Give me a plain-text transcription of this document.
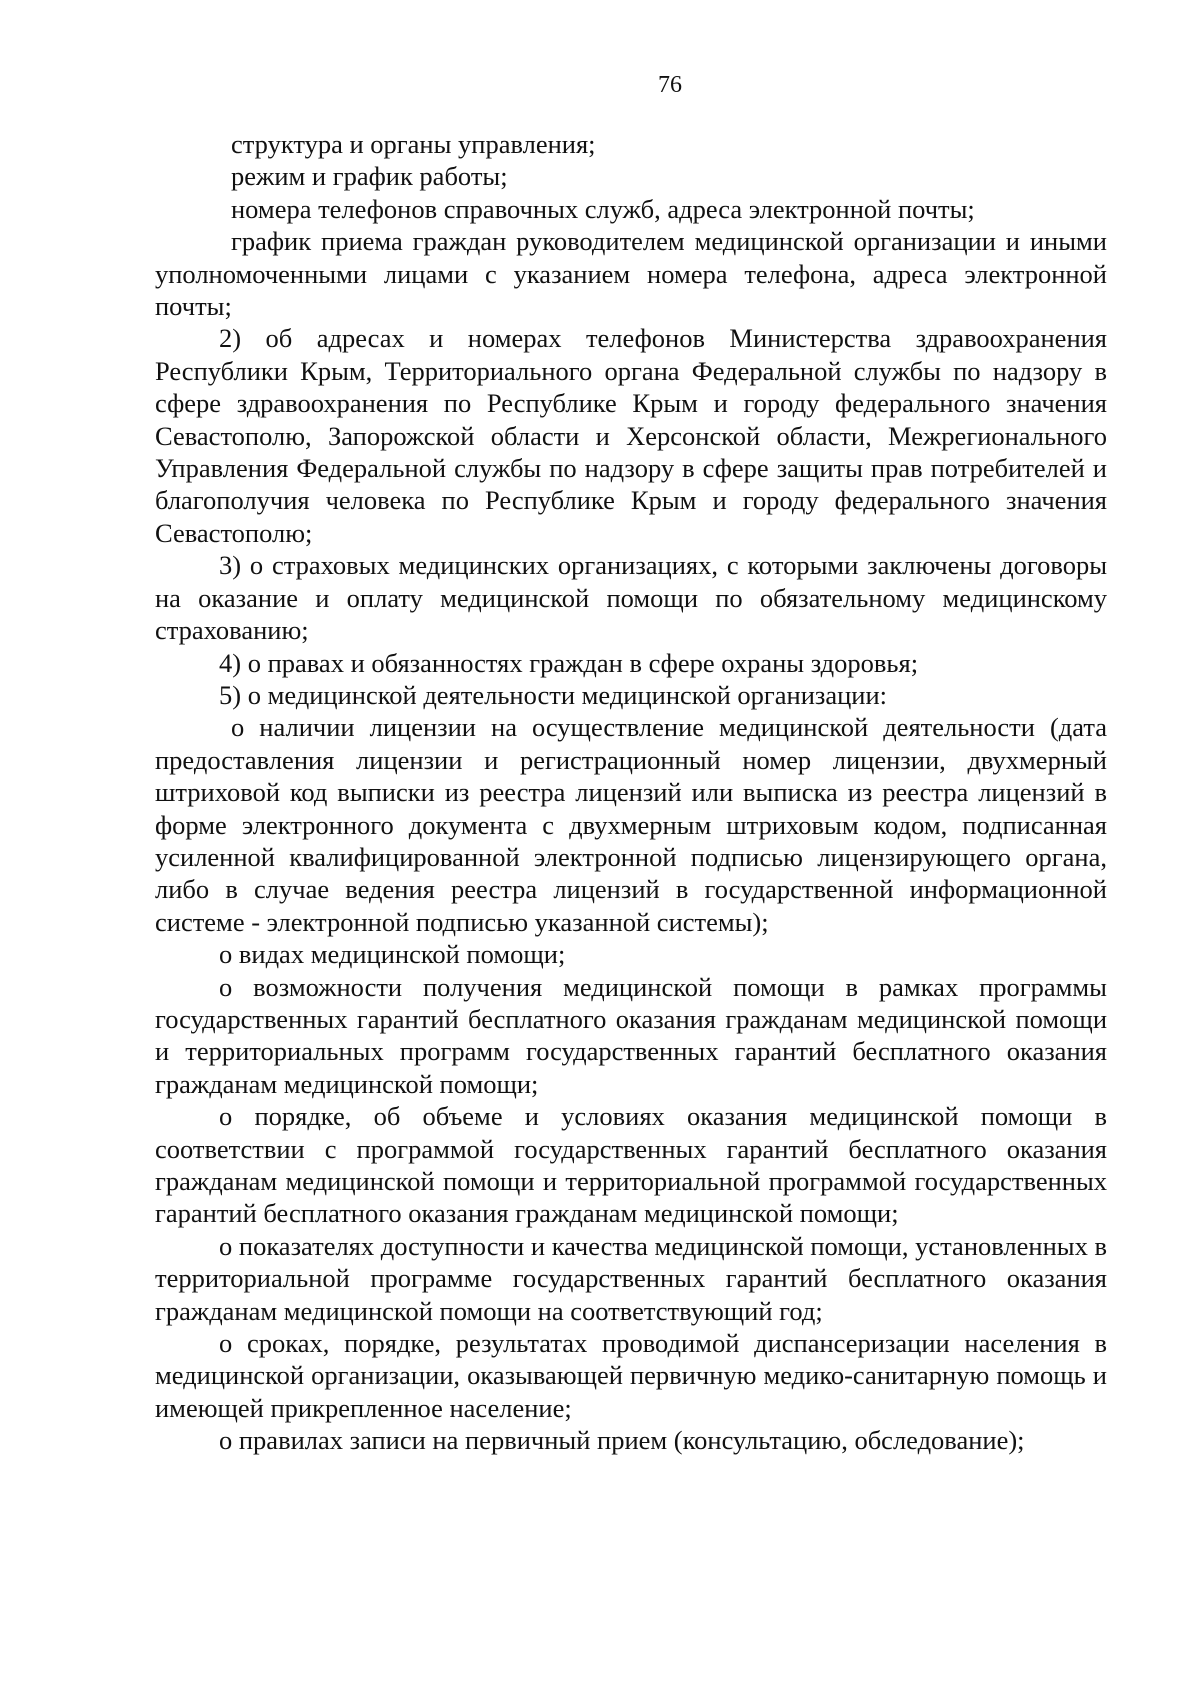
76

структура и органы управления;

режим и график работы;

номера телефонов справочных служб, адреса электронной почты;

график приема граждан руководителем медицинской организации и иными уполномоченными лицами с указанием номера телефона, адреса электронной почты;

2) об адресах и номерах телефонов Министерства здравоохранения Республики Крым, Территориального органа Федеральной службы по надзору в сфере здравоохранения по Республике Крым и городу федерального значения Севастополю, Запорожской области и Херсонской области, Межрегионального Управления Федеральной службы по надзору в сфере защиты прав потребителей и благополучия человека по Республике Крым и городу федерального значения Севастополю;

3) о страховых медицинских организациях, с которыми заключены договоры на оказание и оплату медицинской помощи по обязательному медицинскому страхованию;

4) о правах и обязанностях граждан в сфере охраны здоровья;

5) о медицинской деятельности медицинской организации:

о наличии лицензии на осуществление медицинской деятельности (дата предоставления лицензии и регистрационный номер лицензии, двухмерный штриховой код выписки из реестра лицензий или выписка из реестра лицензий в форме электронного документа с двухмерным штриховым кодом, подписанная усиленной квалифицированной электронной подписью лицензирующего органа, либо в случае ведения реестра лицензий в государственной информационной системе - электронной подписью указанной системы);

о видах медицинской помощи;

о возможности получения медицинской помощи в рамках программы государственных гарантий бесплатного оказания гражданам медицинской помощи и территориальных программ государственных гарантий бесплатного оказания гражданам медицинской помощи;

о порядке, об объеме и условиях оказания медицинской помощи в соответствии с программой государственных гарантий бесплатного оказания гражданам медицинской помощи и территориальной программой государственных гарантий бесплатного оказания гражданам медицинской помощи;

о показателях доступности и качества медицинской помощи, установленных в территориальной программе государственных гарантий бесплатного оказания гражданам медицинской помощи на соответствующий год;

о сроках, порядке, результатах проводимой диспансеризации населения в медицинской организации, оказывающей первичную медико-санитарную помощь и имеющей прикрепленное население;

о правилах записи на первичный прием (консультацию, обследование);
